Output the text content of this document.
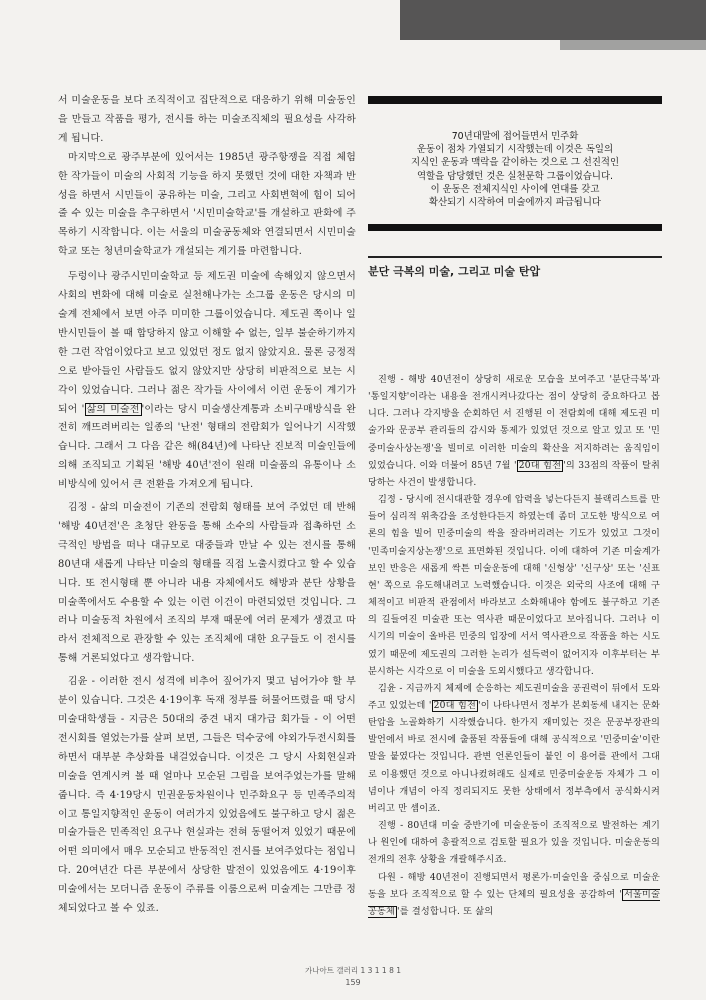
서 미술운동을 보다 조직적이고 집단적으로 대응하기 위해 미술동인을 만들고 작품을 평가, 전시를 하는 미술조직체의 필요성을 사각하게 됩니다.

마지막으로 광주부분에 있어서는 1985년 광주항쟁을 직접 체험한 작가들이 미술의 사회적 기능을 하지 못했던 것에 대한 자책과 반성을 하면서 시민들이 공유하는 미술, 그리고 사회변혁에 힘이 되어줄 수 있는 미술을 추구하면서 '시민미술학교'를 개설하고 판화에 주목하기 시작합니다. 이는 서울의 미술공동체와 연결되면서 시민미술학교 또는 청년미술학교가 개설되는 계기를 마련합니다.

두렁이나 광주시민미술학교 등 제도권 미술에 속해있지 않으면서 사회의 변화에 대해 미술로 실천해나가는 소그룹 운동은 당시의 미술계 전체에서 보면 아주 미미한 그룹이었습니다. 제도권 쪽이나 일반시민들이 볼 때 합당하지 않고 이해할 수 없는, 일부 불순하기까지 한 그런 작업이었다고 보고 있었던 정도 없지 않았지요. 물론 긍정적으로 받아들인 사람들도 없지 않았지만 상당히 비판적으로 보는 시각이 있었습니다. 그러나 젊은 작가들 사이에서 이런 운동이 계기가 되어 ' 삶의 미술전 '이라는 당시 미술생산계통과 소비구매방식을 완전히 깨뜨려버리는 일종의 '난전' 형태의 전람회가 일어나기 시작했습니다. 그래서 그 다음 같은 해(84년)에 나타난 진보적 미술인들에 의해 조직되고 기획된 '해방 40년'전이 원래 미술품의 유통이나 소비방식에 있어서 큰 전환을 가져오게 됩니다.

김정 - 삶의 미술전이 기존의 전람회 형태를 보여 주었던 데 반해 '해방 40년전'은 초청단 완동을 통해 소수의 사람들과 접촉하던 소극적인 방법을 떠나 대규모로 대중들과 만날 수 있는 전시를 통해 80년대 새롭게 나타난 미술의 형태를 직접 노출시켰다고 할 수 있습니다. 또 전시형태 뿐 아니라 내용 자체에서도 해방과 분단 상황을 미술쪽에서도 수용할 수 있는 이런 이건이 마련되었던 것입니다. 그러나 미술동적 차원에서 조직의 부재 때문에 여러 문제가 생겼고 따라서 전체적으로 관장할 수 있는 조직체에 대한 요구들도 이 전시를 통해 거론되었다고 생각합니다.

김윤 - 이러한 전시 성격에 비추어 짚어가지 몇고 넘어가야 할 부분이 있습니다. 그것은 4·19이후 독재 정부를 허물어뜨렸을 때 당시 미술대학생들 - 지금은 50대의 중견 내지 대가급 회가들 - 이 어떤 전시회를 열었는가를 살펴 보면, 그들은 덕수궁에 야외가두전시회를 하면서 대부분 추상화를 내걸었습니다. 이것은 그 당시 사회현실과 미술을 연계시켜 볼 때 얼마나 모순된 그림을 보여주었는가를 말해 줍니다. 즉 4·19당시 민권운동차원이나 민주화요구 등 민족주의적이고 통일지향적인 운동이 여러가지 있었음에도 불구하고 당시 젊은 미술가들은 민족적인 요구나 현실과는 전혀 동떨어져 있었기 때문에 어떤 의미에서 매우 모순되고 반동적인 전시를 보여주었다는 점입니다. 20여년간 다른 부분에서 상당한 발전이 있었음에도 4·19이후 미술에서는 모더니즘 운동이 주류를 이룸으로써 미술계는 그만큼 정체되었다고 볼 수 있죠.

70년대말에 접어들면서 민주화
운동이 점차 가열되기 시작했는데 이것은 독일의
지식인 운동과 맥락을 같이하는 것으로 그 선진적인
역할을 담당했던 것은 실천문학 그룹이었습니다.
이 운동은 전체지식인 사이에 연대를 갖고
확산되기 시작하여 미술에까지 파급됩니다
분단 극복의 미술, 그리고 미술 탄압

진행 - 해방 40년전이 상당히 새로운 모습을 보여주고 '분단극복'과 '통일지향'이라는 내용을 전개시켜나갔다는 점이 상당히 중요하다고 봅니다. 그러나 각지방을 순회하던 서 진행된 이 전람회에 대해 제도권 미술가와 문공부 관리들의 감시와 통제가 있었던 것으로 알고 있고 또 '민중미술사상논쟁'을 빌미로 이러한 미술의 확산을 저지하려는 움직임이 있었습니다. 이와 더불어 85년 7월 ' 20대 힘전 '의 33점의 작품이 탈취당하는 사건이 발생합니다.

김정 - 당시에 전시대관할 경우에 압력을 넣는다든지 블랙리스트를 만들어 심리적 위축감을 조성한다든지 하였는데 좀더 고도한 방식으로 여론의 힘을 빌어 민중미술의 싹을 잘라버리려는 기도가 있었고 그것이 '민족미술지상논쟁'으로 표면화된 것입니다. 이에 대하여 기존 미술계가 보인 반응은 새롭게 싹튼 미술운동에 대해 '신형상' '신구상' 또는 '신표현' 쪽으로 유도해내려고 노력했습니다. 이것은 외국의 사조에 대해 구체적이고 비판적 관점에서 바라보고 소화해내야 함에도 불구하고 기존의 길들여진 미술관 또는 역사관 때문이었다고 보아집니다. 그러나 이 시기의 미술이 올바른 민중의 입장에 서서 역사관으로 작품을 하는 시도였기 때문에 제도권의 그러한 논리가 설득력이 없어지자 이후부터는 부분시하는 시각으로 이 미술을 도외시했다고 생각합니다.

김윤 - 지금까지 체제에 순응하는 제도권미술을 공권력이 뒤에서 도와주고 있었는데 ' 20대 힘전 '이 나타나면서 정부가 본회동세 내지는 문화탄압을 노골화하기 시작했습니다. 한가지 재미있는 것은 문공부장관의 발언에서 바로 전시에 출품된 작품들에 대해 공식적으로 '민중미술'이란 말을 붙였다는 것입니다. 관변 언론인들이 붙인 이 용어를 관에서 그대로 이용했던 것으로 아니나컸허래도 실제로 민중미술운동 자체가 그 이념이나 개념이 아직 정리되지도 못한 상태에서 정부측에서 공식화시켜버리고 만 셈이죠.

진행 - 80년대 미술 중반기에 미술운동이 조직적으로 발전하는 계기나 원인에 대하여 총괄적으로 검토할 필요가 있을 것입니다. 미술운동의 전개의 전후 상황을 개괄해주시죠.

다원 - 해방 40년전이 진행되면서 평론가·미술인을 중심으로 미술운동을 보다 조직적으로 할 수 있는 단체의 필요성을 공감하여 ' 서울미술공동체 '를 결성합니다. 또 삶의

가나아트 갤러리 1 3 1 1 8 1
159
